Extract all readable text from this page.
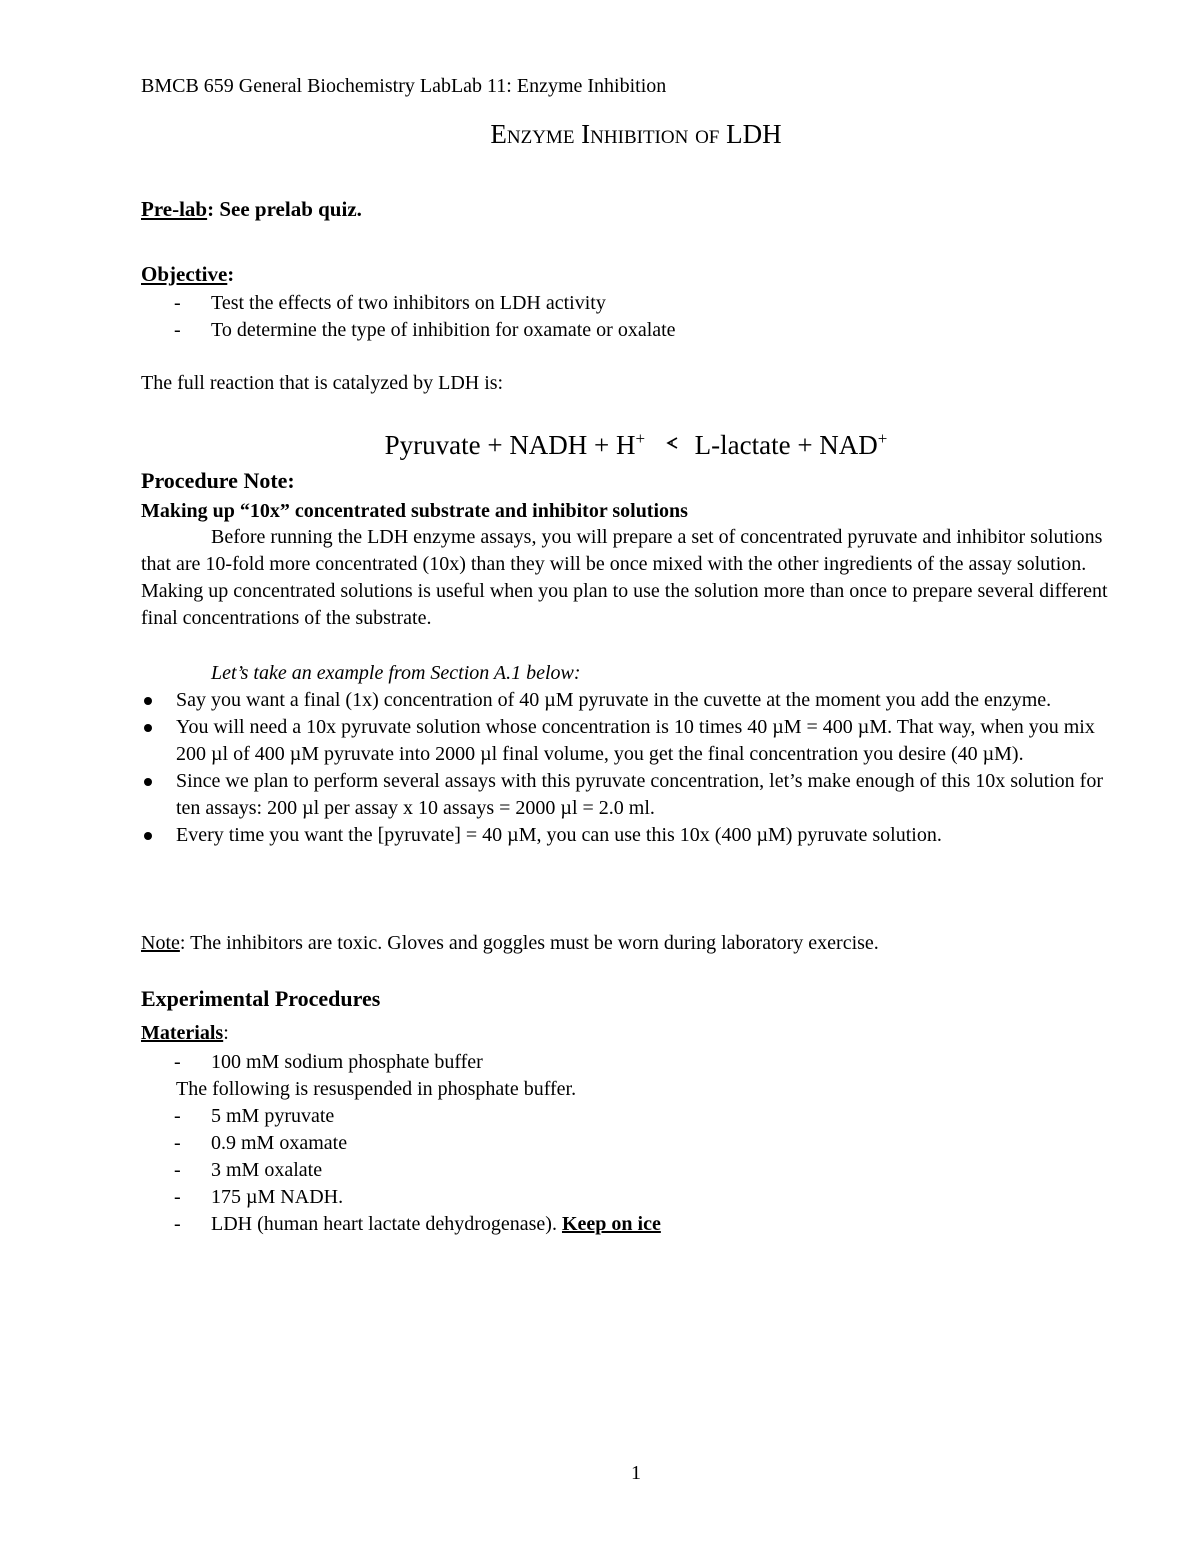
BMCB 659 General Biochemistry LabLab 11: Enzyme Inhibition
Enzyme Inhibition of LDH
Pre-lab: See prelab quiz.
Objective:
- Test the effects of two inhibitors on LDH activity
- To determine the type of inhibition for oxamate or oxalate
The full reaction that is catalyzed by LDH is:
Pyruvate + NADH + H+ L-lactate + NAD+
Procedure Note:
Making up “10x” concentrated substrate and inhibitor solutions
Before running the LDH enzyme assays, you will prepare a set of concentrated pyruvate and inhibitor solutions that are 10-fold more concentrated (10x) than they will be once mixed with the other ingredients of the assay solution. Making up concentrated solutions is useful when you plan to use the solution more than once to prepare several different final concentrations of the substrate.
Let’s take an example from Section A.1 below:
Say you want a final (1x) concentration of 40 µM pyruvate in the cuvette at the moment you add the enzyme.
You will need a 10x pyruvate solution whose concentration is 10 times 40 µM = 400 µM. That way, when you mix 200 µl of 400 µM pyruvate into 2000 µl final volume, you get the final concentration you desire (40 µM).
Since we plan to perform several assays with this pyruvate concentration, let’s make enough of this 10x solution for ten assays: 200 µl per assay x 10 assays = 2000 µl = 2.0 ml.
Every time you want the [pyruvate] = 40 µM, you can use this 10x (400 µM) pyruvate solution.
Note: The inhibitors are toxic. Gloves and goggles must be worn during laboratory exercise.
Experimental Procedures
Materials:
- 100 mM sodium phosphate buffer
The following is resuspended in phosphate buffer.
- 5 mM pyruvate
- 0.9 mM oxamate
- 3 mM oxalate
- 175 µM NADH.
- LDH (human heart lactate dehydrogenase). Keep on ice
1
